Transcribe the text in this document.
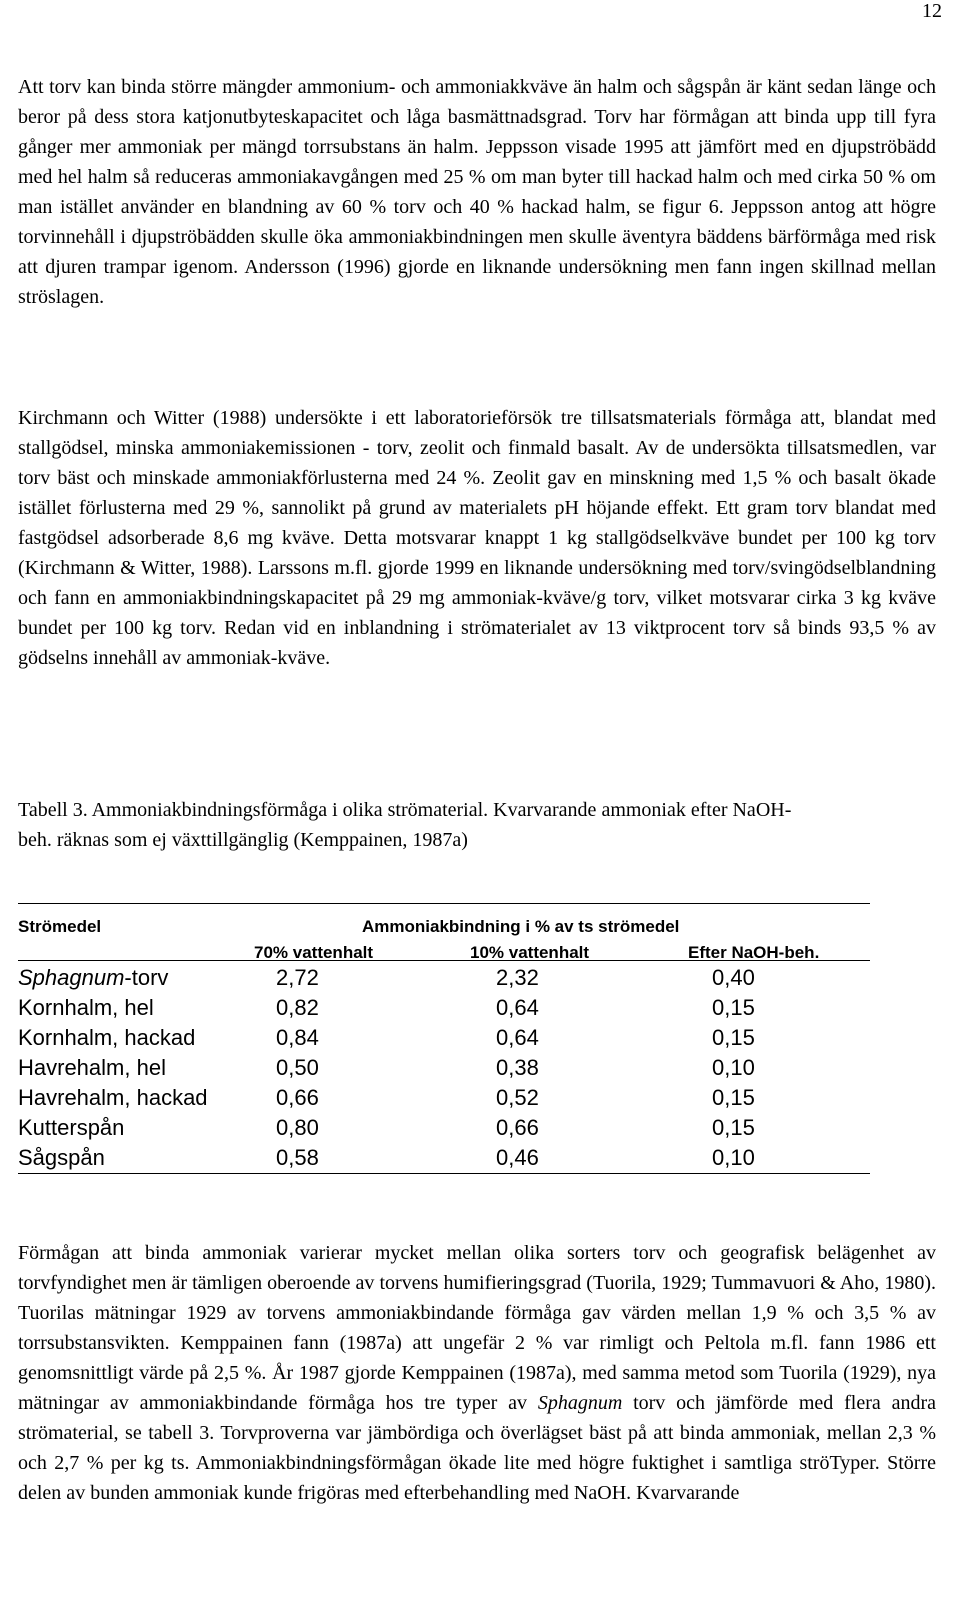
12

Att torv kan binda större mängder ammonium- och ammoniakkväve än halm och sågspån är känt sedan länge och beror på dess stora katjonutbyteskapacitet och låga basmättnadsgrad. Torv har förmågan att binda upp till fyra gånger mer ammoniak per mängd torrsubstans än halm. Jeppsson visade 1995 att jämfört med en djupströbädd med hel halm så reduceras ammoniakavgången med 25 % om man byter till hackad halm och med cirka 50 % om man istället använder en blandning av 60 % torv och 40 % hackad halm, se figur 6. Jeppsson antog att högre torvinnehåll i djupströbädden skulle öka ammoniakbindningen men skulle äventyra bäddens bärförmåga med risk att djuren trampar igenom. Andersson (1996) gjorde en liknande undersökning men fann ingen skillnad mellan ströslagen.

Kirchmann och Witter (1988) undersökte i ett laboratorieförsök tre tillsatsmaterials förmåga att, blandat med stallgödsel, minska ammoniakemissionen - torv, zeolit och finmald basalt. Av de undersökta tillsatsmedlen, var torv bäst och minskade ammoniakförlusterna med 24 %. Zeolit gav en minskning med 1,5 % och basalt ökade istället förlusterna med 29 %, sannolikt på grund av materialets pH höjande effekt. Ett gram torv blandat med fastgödsel adsorberade 8,6 mg kväve. Detta motsvarar knappt 1 kg stallgödselkväve bundet per 100 kg torv (Kirchmann & Witter, 1988). Larssons m.fl. gjorde 1999 en liknande undersökning med torv/svingödselblandning och fann en ammoniakbindningskapacitet på 29 mg ammoniak-kväve/g torv, vilket motsvarar cirka 3 kg kväve bundet per 100 kg torv. Redan vid en inblandning i strömaterialet av 13 viktprocent torv så binds 93,5 % av gödselns innehåll av ammoniak-kväve.

Tabell 3. Ammoniakbindningsförmåga i olika strömaterial. Kvarvarande ammoniak efter NaOH-beh. räknas som ej växttillgänglig (Kemppainen, 1987a)

Strömedel	Ammoniakbindning i % av ts strömedel
70% vattenhalt	10% vattenhalt	Efter NaOH-beh.
Sphagnum-torv	2,72	2,32	0,40
Kornhalm, hel	0,82	0,64	0,15
Kornhalm, hackad	0,84	0,64	0,15
Havrehalm, hel	0,50	0,38	0,10
Havrehalm, hackad	0,66	0,52	0,15
Kutterspån	0,80	0,66	0,15
Sågspån	0,58	0,46	0,10

Förmågan att binda ammoniak varierar mycket mellan olika sorters torv och geografisk belägenhet av torvfyndighet men är tämligen oberoende av torvens humifieringsgrad (Tuorila, 1929; Tummavuori & Aho, 1980). Tuorilas mätningar 1929 av torvens ammoniakbindande förmåga gav värden mellan 1,9 % och 3,5 % av torrsubstansvikten. Kemppainen fann (1987a) att ungefär 2 % var rimligt och Peltola m.fl. fann 1986 ett genomsnittligt värde på 2,5 %. År 1987 gjorde Kemppainen (1987a), med samma metod som Tuorila (1929), nya mätningar av ammoniakbindande förmåga hos tre typer av Sphagnum torv och jämförde med flera andra strömaterial, se tabell 3. Torvproverna var jämbördiga och överlägset bäst på att binda ammoniak, mellan 2,3 % och 2,7 % per kg ts. Ammoniakbindningsförmågan ökade lite med högre fuktighet i samtliga ströTyper. Större delen av bunden ammoniak kunde frigöras med efterbehandling med NaOH. Kvarvarande
